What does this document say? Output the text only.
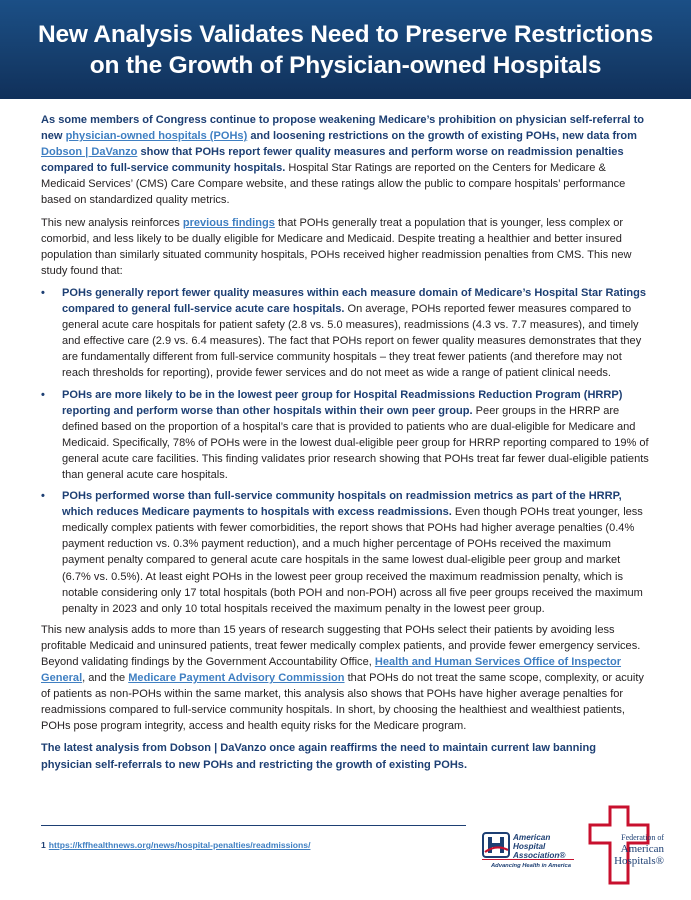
New Analysis Validates Need to Preserve Restrictions on the Growth of Physician-owned Hospitals

As some members of Congress continue to propose weakening Medicare’s prohibition on physician self-referral to new physician-owned hospitals (POHs) and loosening restrictions on the growth of existing POHs, new data from Dobson | DaVanzo show that POHs report fewer quality measures and perform worse on readmission penalties compared to full-service community hospitals. Hospital Star Ratings are reported on the Centers for Medicare & Medicaid Services’ (CMS) Care Compare website, and these ratings allow the public to compare hospitals’ performance based on standardized quality metrics.

This new analysis reinforces previous findings that POHs generally treat a population that is younger, less complex or comorbid, and less likely to be dually eligible for Medicare and Medicaid. Despite treating a healthier and better insured population than similarly situated community hospitals, POHs received higher readmission penalties from CMS. This new study found that:

• POHs generally report fewer quality measures within each measure domain of Medicare’s Hospital Star Ratings compared to general full-service acute care hospitals. On average, POHs reported fewer measures compared to general acute care hospitals for patient safety (2.8 vs. 5.0 measures), readmissions (4.3 vs. 7.7 measures), and timely and effective care (2.9 vs. 6.4 measures). The fact that POHs report on fewer quality measures demonstrates that they are fundamentally different from full-service community hospitals – they treat fewer patients (and therefore may not reach thresholds for reporting), provide fewer services and do not meet as wide a range of patient clinical needs.
• POHs are more likely to be in the lowest peer group for Hospital Readmissions Reduction Program (HRRP) reporting and perform worse than other hospitals within their own peer group. Peer groups in the HRRP are defined based on the proportion of a hospital’s care that is provided to patients who are dual-eligible for Medicare and Medicaid. Specifically, 78% of POHs were in the lowest dual-eligible peer group for HRRP reporting compared to 19% of general acute care facilities. This finding validates prior research showing that POHs treat far fewer dual-eligible patients than general acute care hospitals.
• POHs performed worse than full-service community hospitals on readmission metrics as part of the HRRP, which reduces Medicare payments to hospitals with excess readmissions. Even though POHs treat younger, less medically complex patients with fewer comorbidities, the report shows that POHs had higher average penalties (0.4% payment reduction vs. 0.3% payment reduction), and a much higher percentage of POHs received the maximum payment penalty compared to general acute care hospitals in the same lowest dual-eligible peer group and market (6.7% vs. 0.5%). At least eight POHs in the lowest peer group received the maximum readmission penalty, which is notable considering only 17 total hospitals (both POH and non-POH) across all five peer groups received the maximum penalty in 2023 and only 10 total hospitals received the maximum penalty in the lowest peer group.

This new analysis adds to more than 15 years of research suggesting that POHs select their patients by avoiding less profitable Medicaid and uninsured patients, treat fewer medically complex patients, and provide fewer emergency services. Beyond validating findings by the Government Accountability Office, Health and Human Services Office of Inspector General, and the Medicare Payment Advisory Commission that POHs do not treat the same scope, complexity, or acuity of patients as non-POHs within the same market, this analysis also shows that POHs have higher average penalties for readmissions compared to full-service community hospitals. In short, by choosing the healthiest and wealthiest patients, POHs pose program integrity, access and health equity risks for the Medicare program.

The latest analysis from Dobson | DaVanzo once again reaffirms the need to maintain current law banning physician self-referrals to new POHs and restricting the growth of existing POHs.

1 https://kffhealthnews.org/news/hospital-penalties/readmissions/
American Hospital Association®
Advancing Health in America
Federation of
American
Hospitals®
